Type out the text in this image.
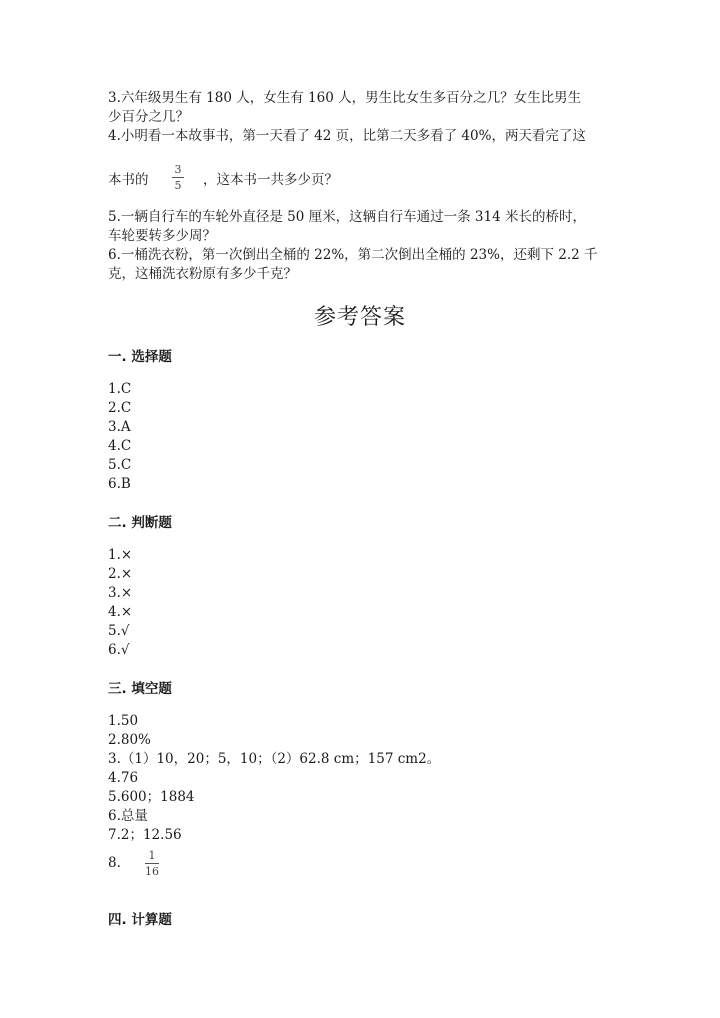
3.六年级男生有 180 人，女生有 160 人，男生比女生多百分之几？女生比男生
少百分之几？
4.小明看一本故事书，第一天看了 42 页，比第二天多看了 40%，两天看完了这
本书的
3
5 ，这本书一共多少页？
5.一辆自行车的车轮外直径是 50 厘米，这辆自行车通过一条 314 米长的桥时，
车轮要转多少周？
6.一桶洗衣粉，第一次倒出全桶的 22%，第二次倒出全桶的 23%，还剩下 2.2 千
克，这桶洗衣粉原有多少千克？
参考答案
一. 选择题
1.C
2.C
3.A
4.C
5.C
6.B
二. 判断题
1.×
2.×
3.×
4.×
5.√
6.√
三. 填空题
1.50
2.80%
3.（1）10，20；5，10；（2）62.8 cm；157 cm2。
4.76
5.600；1884
6.总量
7.2；12.56
8.	1
16
四. 计算题
